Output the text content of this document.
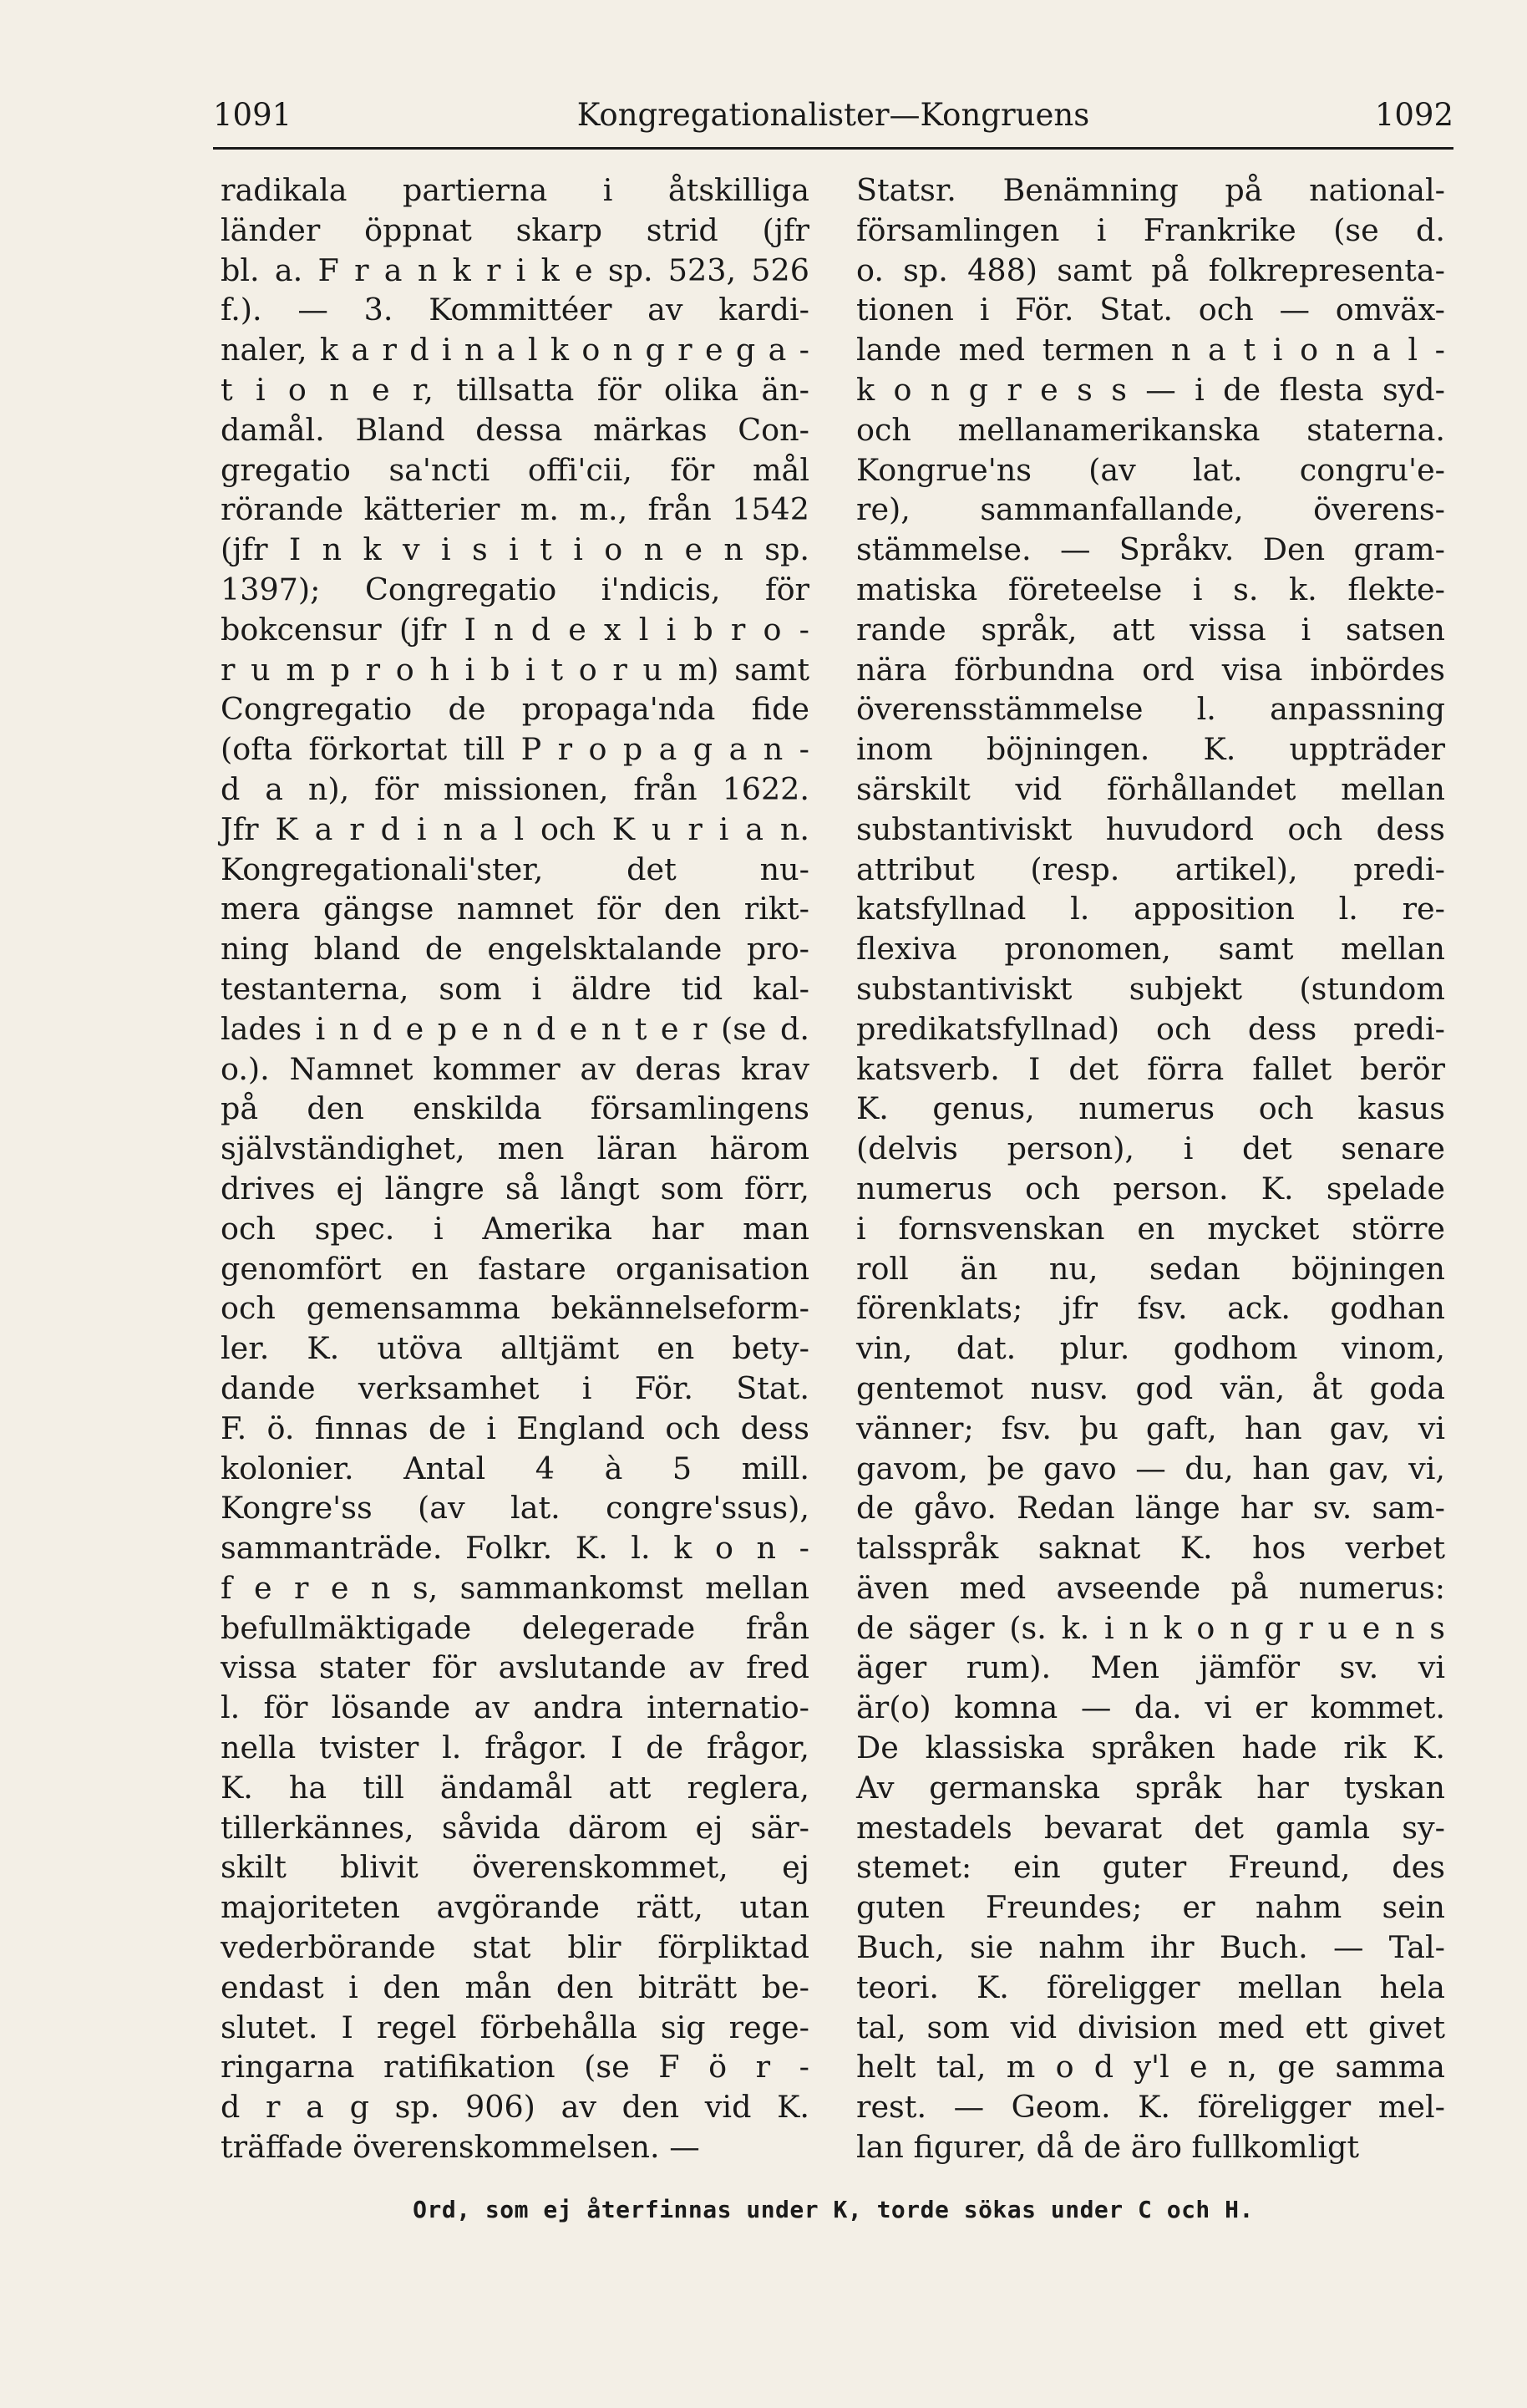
1091	Kongregationalister—Kongruens	1092
radikala partierna i åtskilliga
länder öppnat skarp strid (jfr
bl. a. F r a n k r i k e sp. 523, 526
f.). — 3. Kommittéer av kardi-
naler, k a r d i n a l k o n g r e g a -
t i o n e r, tillsatta för olika än-
damål. Bland dessa märkas Con-
gregatio sa'ncti offi'cii, för mål
rörande kätterier m. m., från 1542
(jfr I n k v i s i t i o n e n sp.
1397); Congregatio i'ndicis, för
bokcensur (jfr I n d e x l i b r o -
r u m p r o h i b i t o r u m) samt
Congregatio de propaga'nda fide
(ofta förkortat till P r o p a g a n -
d a n), för missionen, från 1622.
Jfr K a r d i n a l och K u r i a n.
Kongregationali'ster, det nu-
mera gängse namnet för den rikt-
ning bland de engelsktalande pro-
testanterna, som i äldre tid kal-
lades i n d e p e n d e n t e r (se d.
o.). Namnet kommer av deras krav
på den enskilda församlingens
självständighet, men läran härom
drives ej längre så långt som förr,
och spec. i Amerika har man
genomfört en fastare organisation
och gemensamma bekännelseform-
ler. K. utöva alltjämt en bety-
dande verksamhet i För. Stat.
F. ö. finnas de i England och dess
kolonier. Antal 4 à 5 mill.
Kongre'ss (av lat. congre'ssus),
sammanträde. Folkr. K. l. k o n -
f e r e n s, sammankomst mellan
befullmäktigade delegerade från
vissa stater för avslutande av fred
l. för lösande av andra internatio-
nella tvister l. frågor. I de frågor,
K. ha till ändamål att reglera,
tillerkännes, såvida därom ej sär-
skilt blivit överenskommet, ej
majoriteten avgörande rätt, utan
vederbörande stat blir förpliktad
endast i den mån den biträtt be-
slutet. I regel förbehålla sig rege-
ringarna ratifikation (se F ö r -
d r a g sp. 906) av den vid K.
träffade överenskommelsen. —
Statsr. Benämning på national-
församlingen i Frankrike (se d.
o. sp. 488) samt på folkrepresenta-
tionen i För. Stat. och — omväx-
lande med termen n a t i o n a l -
k o n g r e s s — i de flesta syd-
och mellanamerikanska staterna.
Kongrue'ns (av lat. congru'e-
re), sammanfallande, överens-
stämmelse. — Språkv. Den gram-
matiska företeelse i s. k. flekte-
rande språk, att vissa i satsen
nära förbundna ord visa inbördes
överensstämmelse l. anpassning
inom böjningen. K. uppträder
särskilt vid förhållandet mellan
substantiviskt huvudord och dess
attribut (resp. artikel), predi-
katsfyllnad l. apposition l. re-
flexiva pronomen, samt mellan
substantiviskt subjekt (stundom
predikatsfyllnad) och dess predi-
katsverb. I det förra fallet berör
K. genus, numerus och kasus
(delvis person), i det senare
numerus och person. K. spelade
i fornsvenskan en mycket större
roll än nu, sedan böjningen
förenklats; jfr fsv. ack. godhan
vin, dat. plur. godhom vinom,
gentemot nusv. god vän, åt goda
vänner; fsv. þu gaft, han gav, vi
gavom, þe gavo — du, han gav, vi,
de gåvo. Redan länge har sv. sam-
talsspråk saknat K. hos verbet
även med avseende på numerus:
de säger (s. k. i n k o n g r u e n s
äger rum). Men jämför sv. vi
är(o) komna — da. vi er kommet.
De klassiska språken hade rik K.
Av germanska språk har tyskan
mestadels bevarat det gamla sy-
stemet: ein guter Freund, des
guten Freundes; er nahm sein
Buch, sie nahm ihr Buch. — Tal-
teori. K. föreligger mellan hela
tal, som vid division med ett givet
helt tal, m o d y'l e n, ge samma
rest. — Geom. K. föreligger mel-
lan figurer, då de äro fullkomligt
Ord, som ej återfinnas under K, torde sökas under C och H.
